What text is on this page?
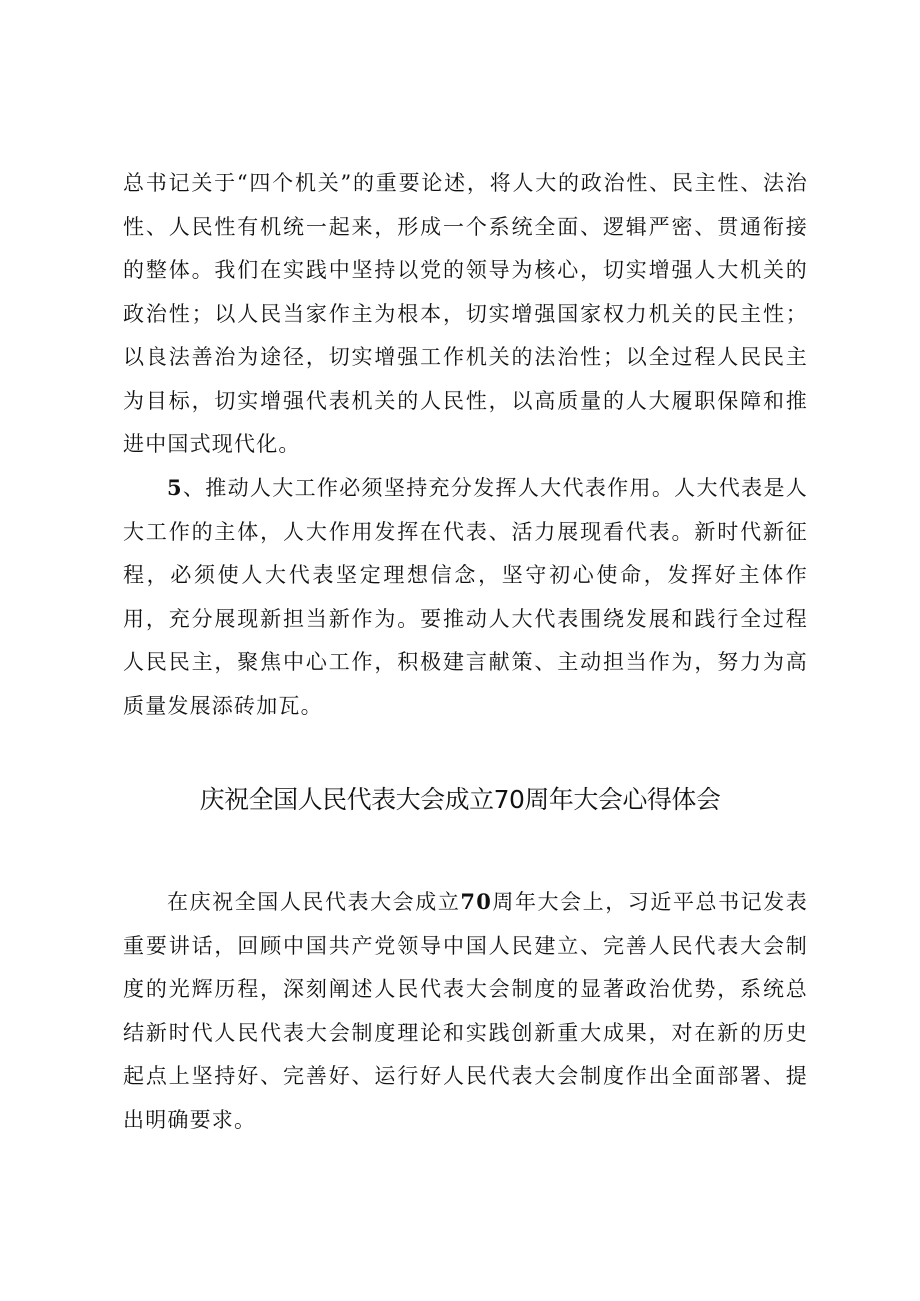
总书记关于“四个机关”的重要论述，将人大的政治性、民主性、法治性、人民性有机统一起来，形成一个系统全面、逻辑严密、贯通衔接的整体。我们在实践中坚持以党的领导为核心，切实增强人大机关的政治性；以人民当家作主为根本，切实增强国家权力机关的民主性；以良法善治为途径，切实增强工作机关的法治性；以全过程人民民主为目标，切实增强代表机关的人民性，以高质量的人大履职保障和推进中国式现代化。

5、推动人大工作必须坚持充分发挥人大代表作用。人大代表是人大工作的主体，人大作用发挥在代表、活力展现看代表。新时代新征程，必须使人大代表坚定理想信念，坚守初心使命，发挥好主体作用，充分展现新担当新作为。要推动人大代表围绕发展和践行全过程人民民主，聚焦中心工作，积极建言献策、主动担当作为，努力为高质量发展添砖加瓦。

庆祝全国人民代表大会成立70周年大会心得体会

在庆祝全国人民代表大会成立70周年大会上，习近平总书记发表重要讲话，回顾中国共产党领导中国人民建立、完善人民代表大会制度的光辉历程，深刻阐述人民代表大会制度的显著政治优势，系统总结新时代人民代表大会制度理论和实践创新重大成果，对在新的历史起点上坚持好、完善好、运行好人民代表大会制度作出全面部署、提出明确要求。
